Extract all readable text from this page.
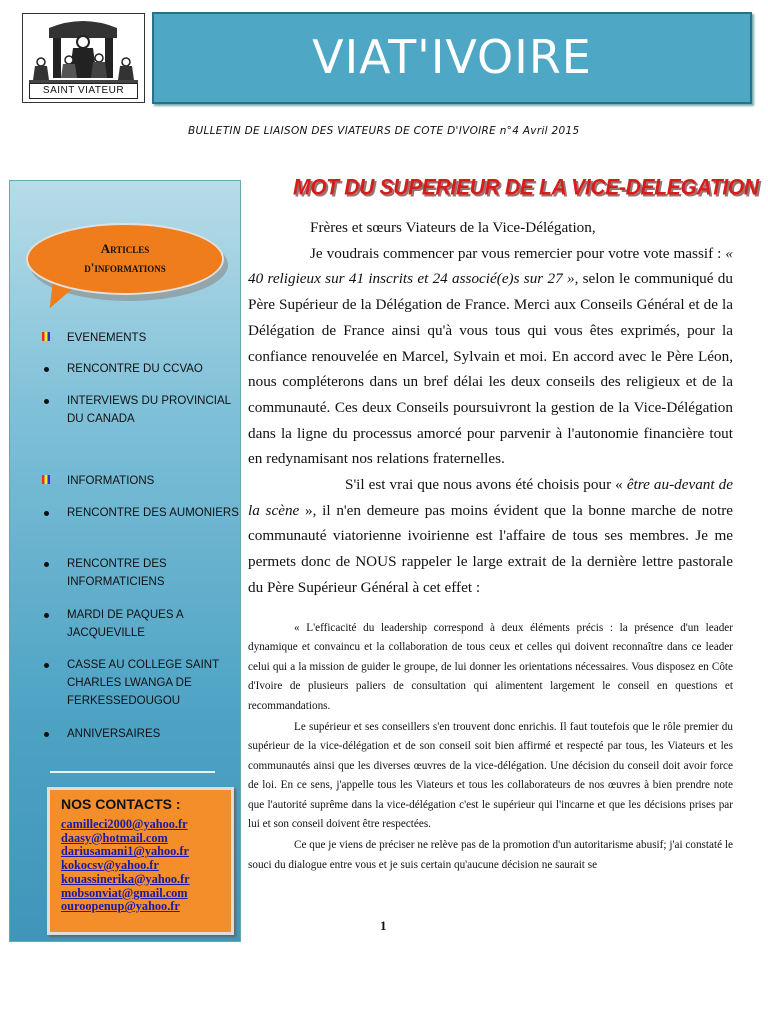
SAINT VIATEUR
VIAT'IVOIRE
BULLETIN DE LIAISON DES VIATEURS DE COTE D'IVOIRE n°4 Avril 2015
Articles
d'informations
EVENEMENTS
RENCONTRE DU CCVAO
INTERVIEWS DU PROVINCIAL DU CANADA
INFORMATIONS
RENCONTRE DES AUMONIERS
RENCONTRE DES INFORMATICIENS
MARDI DE PAQUES A JACQUEVILLE
CASSE AU COLLEGE SAINT CHARLES LWANGA DE FERKESSEDOUGOU
ANNIVERSAIRES
NOS CONTACTS :
camilleci2000@yahoo.fr
daasy@hotmail.com
dariusamani1@yahoo.fr
kokocsv@yahoo.fr
kouassinerika@yahoo.fr
mobsonviat@gmail.com
ouroopenup@yahoo.fr
MOT DU SUPERIEUR DE LA VICE-DELEGATION

Frères et sœurs Viateurs de la Vice-Délégation,

Je voudrais commencer par vous remercier pour votre vote massif : « 40 religieux sur 41 inscrits et 24 associé(e)s sur 27 », selon le communiqué du Père Supérieur de la Délégation de France. Merci aux Conseils Général et de la Délégation de France ainsi qu'à vous tous qui vous êtes exprimés, pour la confiance renouvelée en Marcel, Sylvain et moi. En accord avec le Père Léon, nous compléterons dans un bref délai les deux conseils des religieux et de la communauté. Ces deux Conseils poursuivront la gestion de la Vice-Délégation dans la ligne du processus amorcé pour parvenir à l'autonomie financière tout en redynamisant nos relations fraternelles.

S'il est vrai que nous avons été choisis pour « être au-devant de la scène », il n'en demeure pas moins évident que la bonne marche de notre communauté viatorienne ivoirienne est l'affaire de tous ses membres. Je me permets donc de NOUS rappeler le large extrait de la dernière lettre pastorale du Père Supérieur Général à cet effet :

« L'efficacité du leadership correspond à deux éléments précis : la présence d'un leader dynamique et convaincu et la collaboration de tous ceux et celles qui doivent reconnaître dans ce leader celui qui a la mission de guider le groupe, de lui donner les orientations nécessaires. Vous disposez en Côte d'Ivoire de plusieurs paliers de consultation qui alimentent largement le conseil en questions et recommandations.

Le supérieur et ses conseillers s'en trouvent donc enrichis. Il faut toutefois que le rôle premier du supérieur de la vice-délégation et de son conseil soit bien affirmé et respecté par tous, les Viateurs et les communautés ainsi que les diverses œuvres de la vice-délégation. Une décision du conseil doit avoir force de loi. En ce sens, j'appelle tous les Viateurs et tous les collaborateurs de nos œuvres à bien prendre note que l'autorité suprême dans la vice-délégation c'est le supérieur qui l'incarne et que les décisions prises par lui et son conseil doivent être respectées.

Ce que je viens de préciser ne relève pas de la promotion d'un autoritarisme abusif; j'ai constaté le souci du dialogue entre vous et je suis certain qu'aucune décision ne saurait se

1
